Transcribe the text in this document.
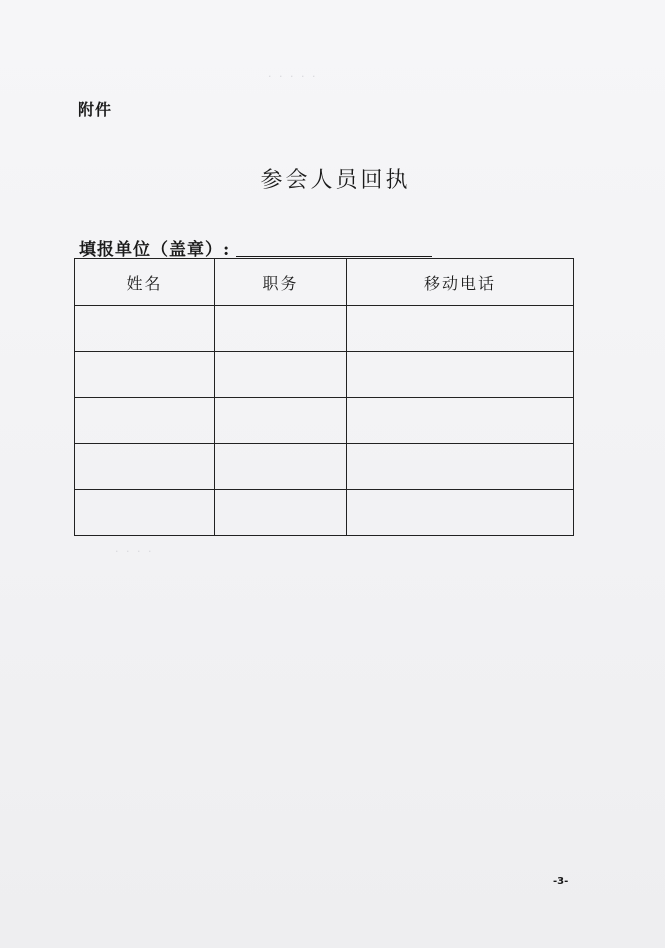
· · · · ·
· · · ·
附件
参会人员回执
填报单位（盖章）:
姓名	职务	移动电话

-3-
